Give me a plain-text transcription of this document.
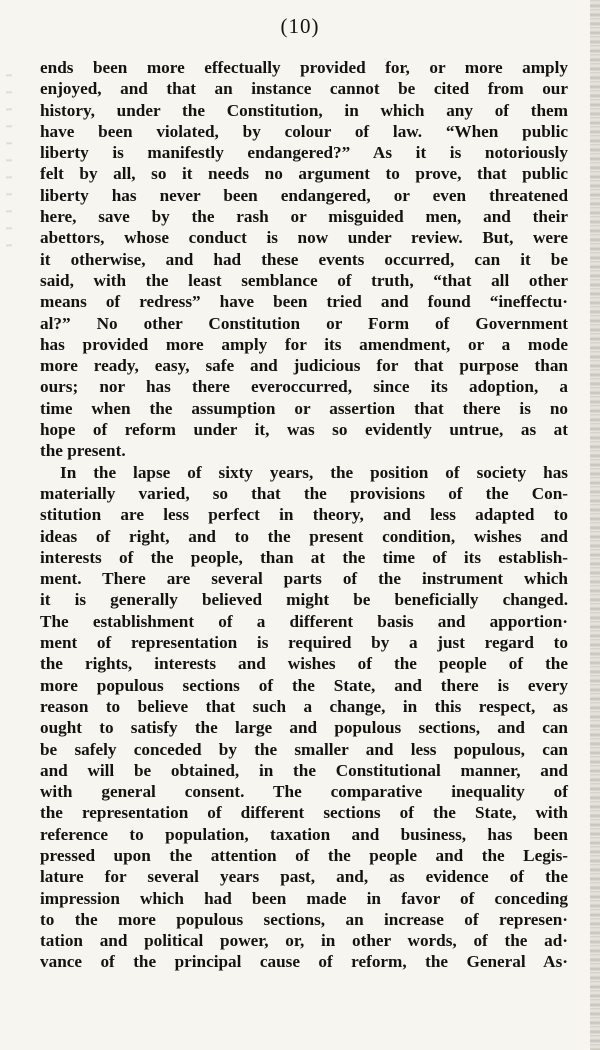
(10)
ends been more effectually provided for, or more amply
enjoyed, and that an instance cannot be cited from our
history, under the Constitution, in which any of them
have been violated, by colour of law. “When public
liberty is manifestly endangered?” As it is notoriously
felt by all, so it needs no argument to prove, that public
liberty has never been endangered, or even threatened
here, save by the rash or misguided men, and their
abettors, whose conduct is now under review. But, were
it otherwise, and had these events occurred, can it be
said, with the least semblance of truth, “that all other
means of redress” have been tried and found “ineffectu·
al?” No other Constitution or Form of Government
has provided more amply for its amendment, or a mode
more ready, easy, safe and judicious for that purpose than
ours; nor has there everoccurred, since its adoption, a
time when the assumption or assertion that there is no
hope of reform under it, was so evidently untrue, as at
the present.
In the lapse of sixty years, the position of society has
materially varied, so that the provisions of the Con-
stitution are less perfect in theory, and less adapted to
ideas of right, and to the present condition, wishes and
interests of the people, than at the time of its establish-
ment. There are several parts of the instrument which
it is generally believed might be beneficially changed.
The establishment of a different basis and apportion·
ment of representation is required by a just regard to
the rights, interests and wishes of the people of the
more populous sections of the State, and there is every
reason to believe that such a change, in this respect, as
ought to satisfy the large and populous sections, and can
be safely conceded by the smaller and less populous, can
and will be obtained, in the Constitutional manner, and
with general consent. The comparative inequality of
the representation of different sections of the State, with
reference to population, taxation and business, has been
pressed upon the attention of the people and the Legis-
lature for several years past, and, as evidence of the
impression which had been made in favor of conceding
to the more populous sections, an increase of represen·
tation and political power, or, in other words, of the ad·
vance of the principal cause of reform, the General As·
